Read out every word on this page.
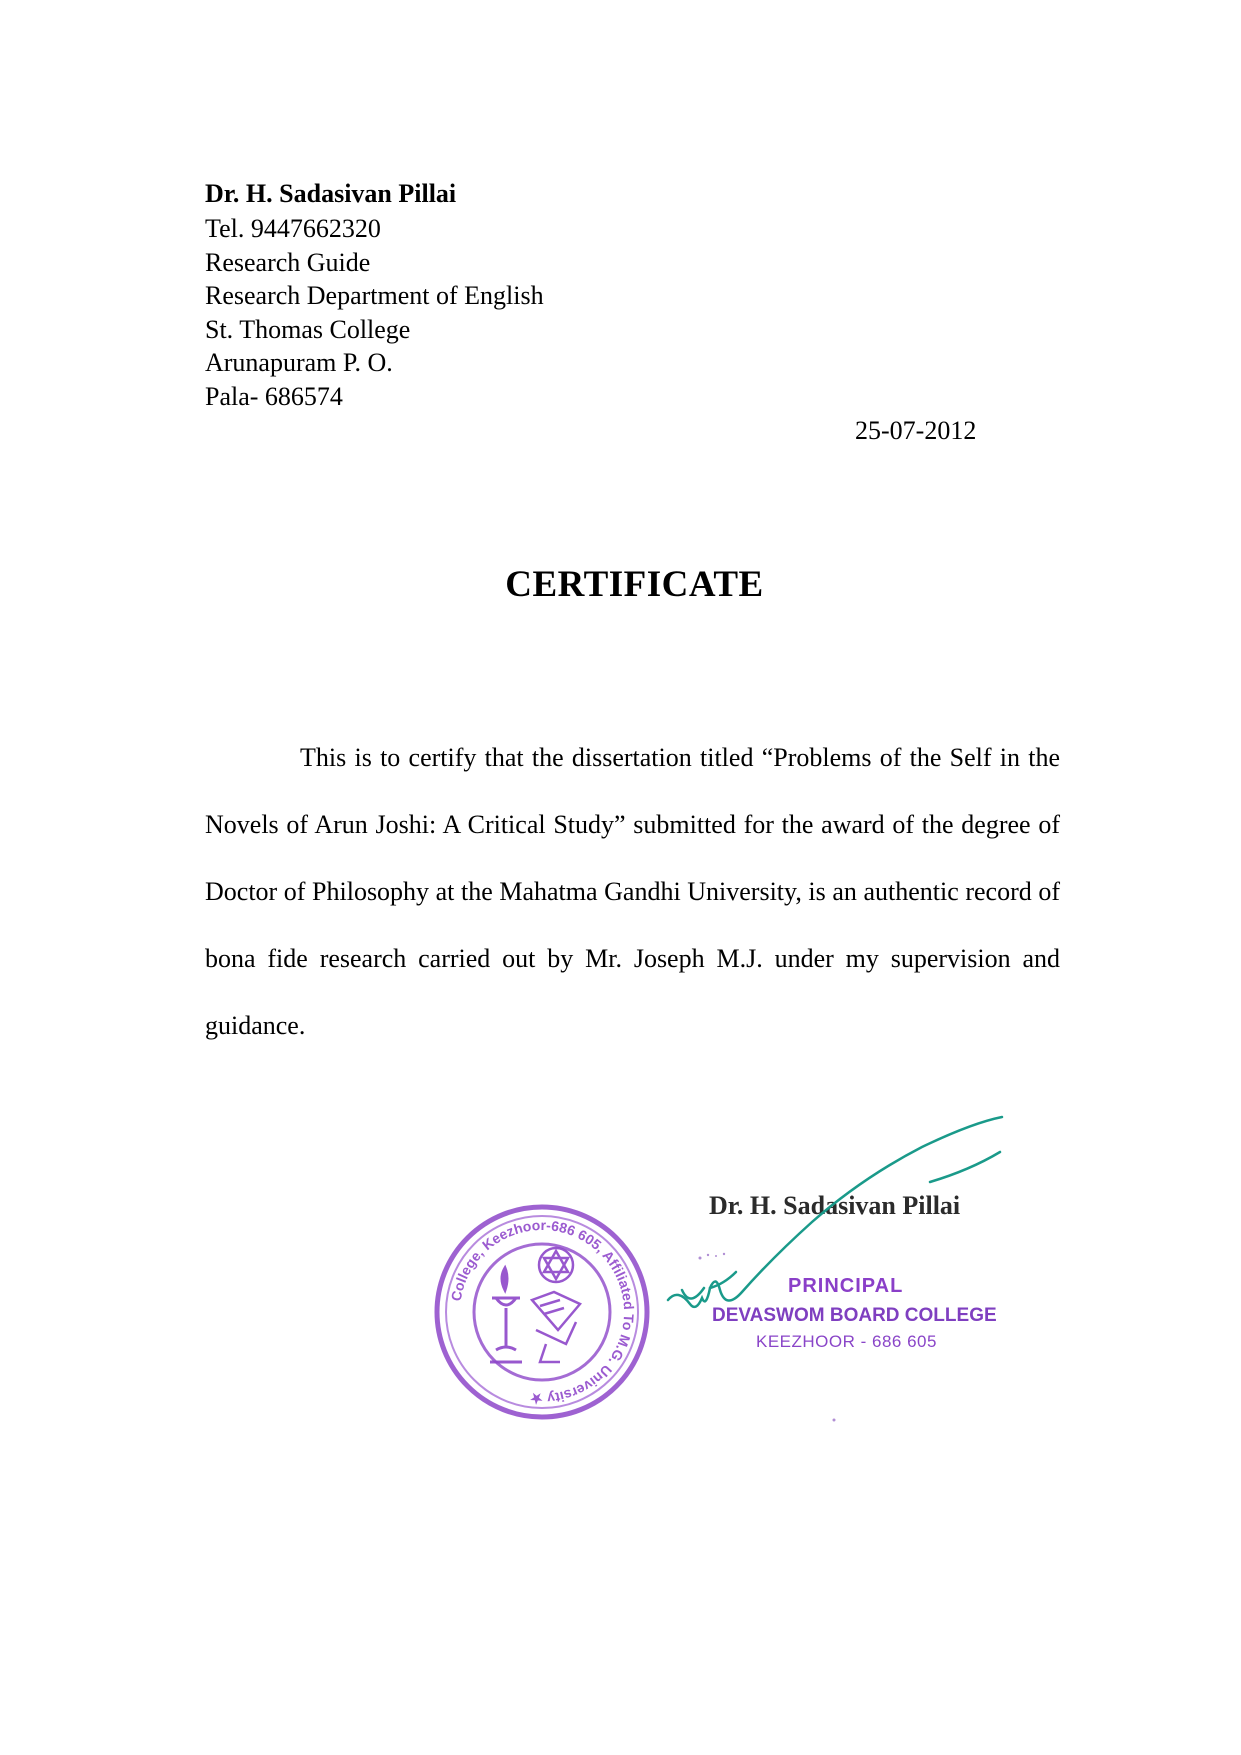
Dr. H. Sadasivan Pillai
Tel. 9447662320
Research Guide
Research Department of English
St. Thomas College
Arunapuram P. O.
Pala- 686574
25-07-2012
CERTIFICATE

This is to certify that the dissertation titled “Problems of the Self in the Novels of Arun Joshi: A Critical Study” submitted for the award of the degree of Doctor of Philosophy at the Mahatma Gandhi University, is an authentic record of bona fide research carried out by Mr. Joseph M.J. under my supervision and guidance.

Dr. H. Sadasivan Pillai
College, Keezhoor-686 605, Affiliated To M.G. University ★
PRINCIPAL
DEVASWOM BOARD COLLEGE
KEEZHOOR - 686 605
